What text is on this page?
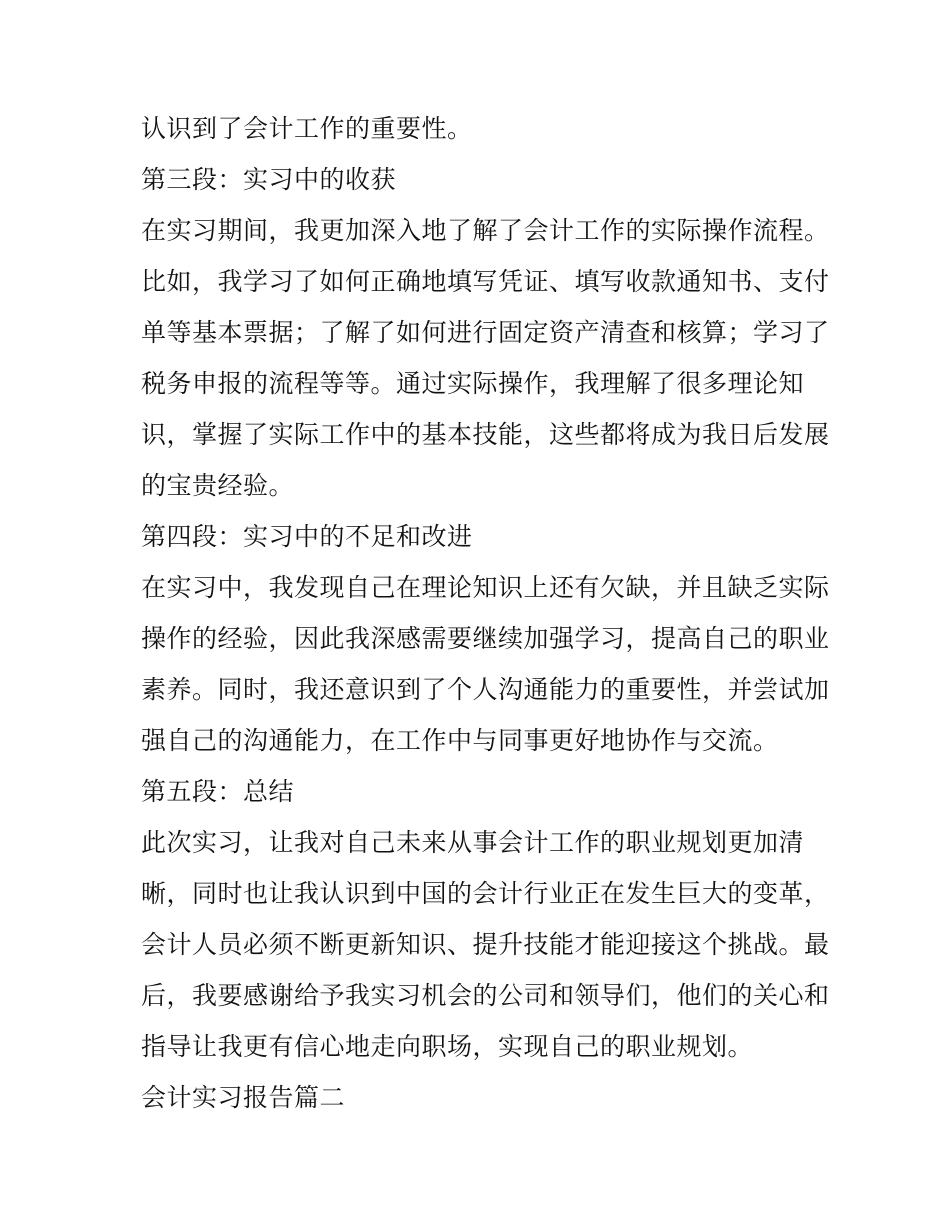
认识到了会计工作的重要性。
第三段：实习中的收获
在实习期间，我更加深入地了解了会计工作的实际操作流程。
比如，我学习了如何正确地填写凭证、填写收款通知书、支付
单等基本票据；了解了如何进行固定资产清查和核算；学习了
税务申报的流程等等。通过实际操作，我理解了很多理论知
识，掌握了实际工作中的基本技能，这些都将成为我日后发展
的宝贵经验。
第四段：实习中的不足和改进
在实习中，我发现自己在理论知识上还有欠缺，并且缺乏实际
操作的经验，因此我深感需要继续加强学习，提高自己的职业
素养。同时，我还意识到了个人沟通能力的重要性，并尝试加
强自己的沟通能力，在工作中与同事更好地协作与交流。
第五段：总结
此次实习，让我对自己未来从事会计工作的职业规划更加清
晰，同时也让我认识到中国的会计行业正在发生巨大的变革，
会计人员必须不断更新知识、提升技能才能迎接这个挑战。最
后，我要感谢给予我实习机会的公司和领导们，他们的关心和
指导让我更有信心地走向职场，实现自己的职业规划。
会计实习报告篇二
